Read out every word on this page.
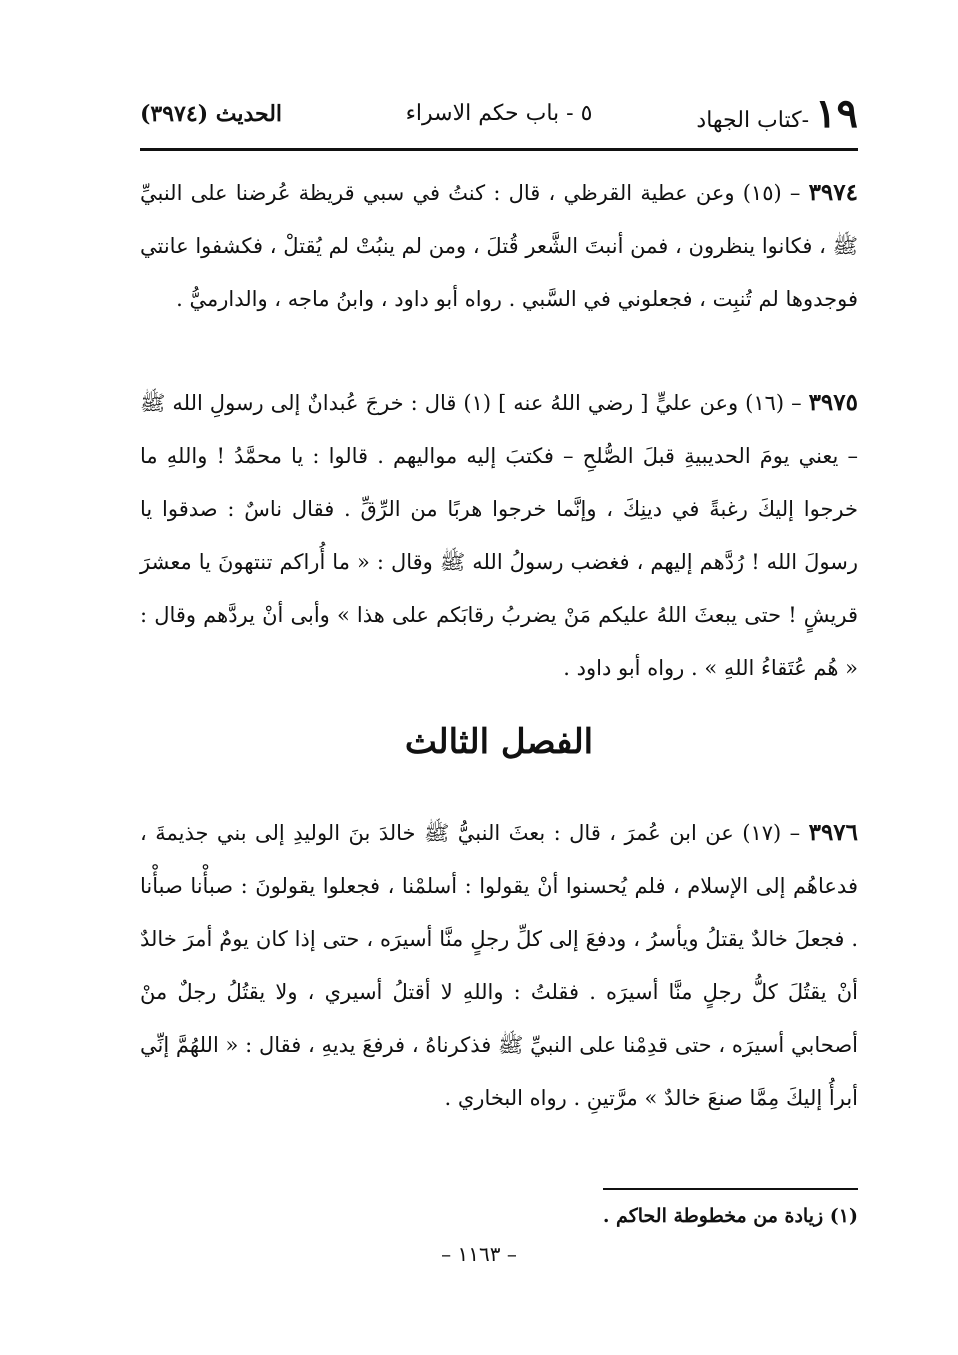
١٩
-كتاب الجهاد
٥ - باب حكم الاسراء
الحديث (٣٩٧٤)

٣٩٧٤ – (١٥) وعن عطية القرظي ، قال : كنتُ في سبي قريظة عُرضنا على النبيِّ ﷺ ، فكانوا ينظرون ، فمن أنبتَ الشَّعر قُتلَ ، ومن لم ينبُتْ لم يُقتلْ ، فكشفوا عانتي فوجدوها لم تُنبِت ، فجعلوني في السَّبي . رواه أبو داود ، وابنُ ماجه ، والدارميُّ .

٣٩٧٥ – (١٦) وعن عليٍّ [ رضي اللهُ عنه ] (١) قال : خرجَ عُبدانٌ إلى رسولِ الله ﷺ – يعني يومَ الحديبيةِ قبلَ الصُّلحِ – فكتبَ إليه مواليهم . قالوا : يا محمَّدُ ! واللهِ ما خرجوا إليكَ رغبةً في دينِكَ ، وإنَّما خرجوا هربًا من الرِّقِّ . فقال ناسٌ : صدقوا يا رسولَ الله ! رُدَّهم إليهم ، فغضب رسولُ الله ﷺ وقال : « ما أُراكم تنتهونَ يا معشرَ قريشٍ ! حتى يبعثَ اللهُ عليكم مَنْ يضربُ رقابَكم على هذا » وأبى أنْ يردَّهم وقال : « هُم عُتَقاءُ اللهِ » . رواه أبو داود .

الفصل الثالث

٣٩٧٦ – (١٧) عن ابن عُمرَ ، قال : بعثَ النبيُّ ﷺ خالدَ بنَ الوليدِ إلى بني جذيمةَ ، فدعاهُم إلى الإسلام ، فلم يُحسنوا أنْ يقولوا : أسلمْنا ، فجعلوا يقولونَ : صبأْنا صبأْنا . فجعلَ خالدٌ يقتلُ ويأسرُ ، ودفعَ إلى كلِّ رجلٍ منَّا أسيرَه ، حتى إذا كان يومٌ أمرَ خالدٌ أنْ يقتُلَ كلُّ رجلٍ منَّا أسيرَه . فقلتُ : واللهِ لا أقتلُ أسيري ، ولا يقتُلُ رجلٌ منْ أصحابي أسيرَه ، حتى قدِمْنا على النبيِّ ﷺ فذكرناهُ ، فرفعَ يديهِ ، فقال : « اللهُمَّ إنِّي أبرأُ إليكَ مِمَّا صنعَ خالدٌ » مرَّتينِ . رواه البخاري .

(١) زيادة من مخطوطة الحاكم .
– ١١٦٣ –
